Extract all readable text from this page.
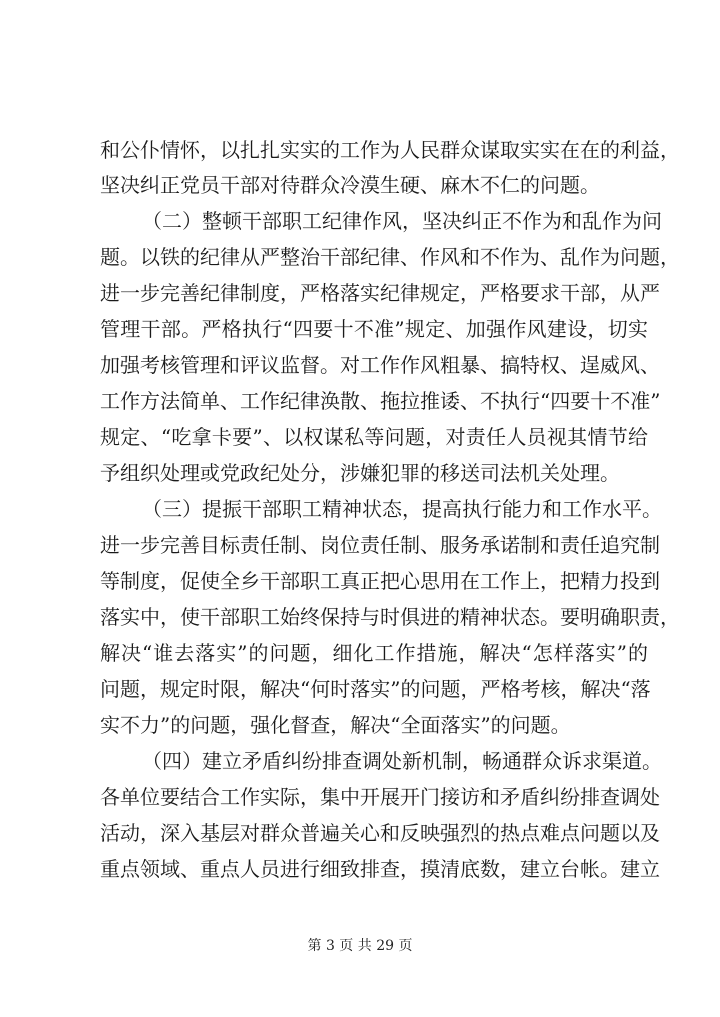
和公仆情怀，以扎扎实实的工作为人民群众谋取实实在在的利益，
坚决纠正党员干部对待群众冷漠生硬、麻木不仁的问题。
（二）整顿干部职工纪律作风，坚决纠正不作为和乱作为问
题。以铁的纪律从严整治干部纪律、作风和不作为、乱作为问题，
进一步完善纪律制度，严格落实纪律规定，严格要求干部，从严
管理干部。严格执行“四要十不准”规定、加强作风建设，切实
加强考核管理和评议监督。对工作作风粗暴、搞特权、逞威风、
工作方法简单、工作纪律涣散、拖拉推诿、不执行“四要十不准”
规定、“吃拿卡要”、以权谋私等问题，对责任人员视其情节给
予组织处理或党政纪处分，涉嫌犯罪的移送司法机关处理。
（三）提振干部职工精神状态，提高执行能力和工作水平。
进一步完善目标责任制、岗位责任制、服务承诺制和责任追究制
等制度，促使全乡干部职工真正把心思用在工作上，把精力投到
落实中，使干部职工始终保持与时俱进的精神状态。要明确职责，
解决“谁去落实”的问题，细化工作措施，解决“怎样落实”的
问题，规定时限，解决“何时落实”的问题，严格考核，解决“落
实不力”的问题，强化督查，解决“全面落实”的问题。
（四）建立矛盾纠纷排查调处新机制，畅通群众诉求渠道。
各单位要结合工作实际，集中开展开门接访和矛盾纠纷排查调处
活动，深入基层对群众普遍关心和反映强烈的热点难点问题以及
重点领域、重点人员进行细致排查，摸清底数，建立台帐。建立
第 3 页 共 29 页
